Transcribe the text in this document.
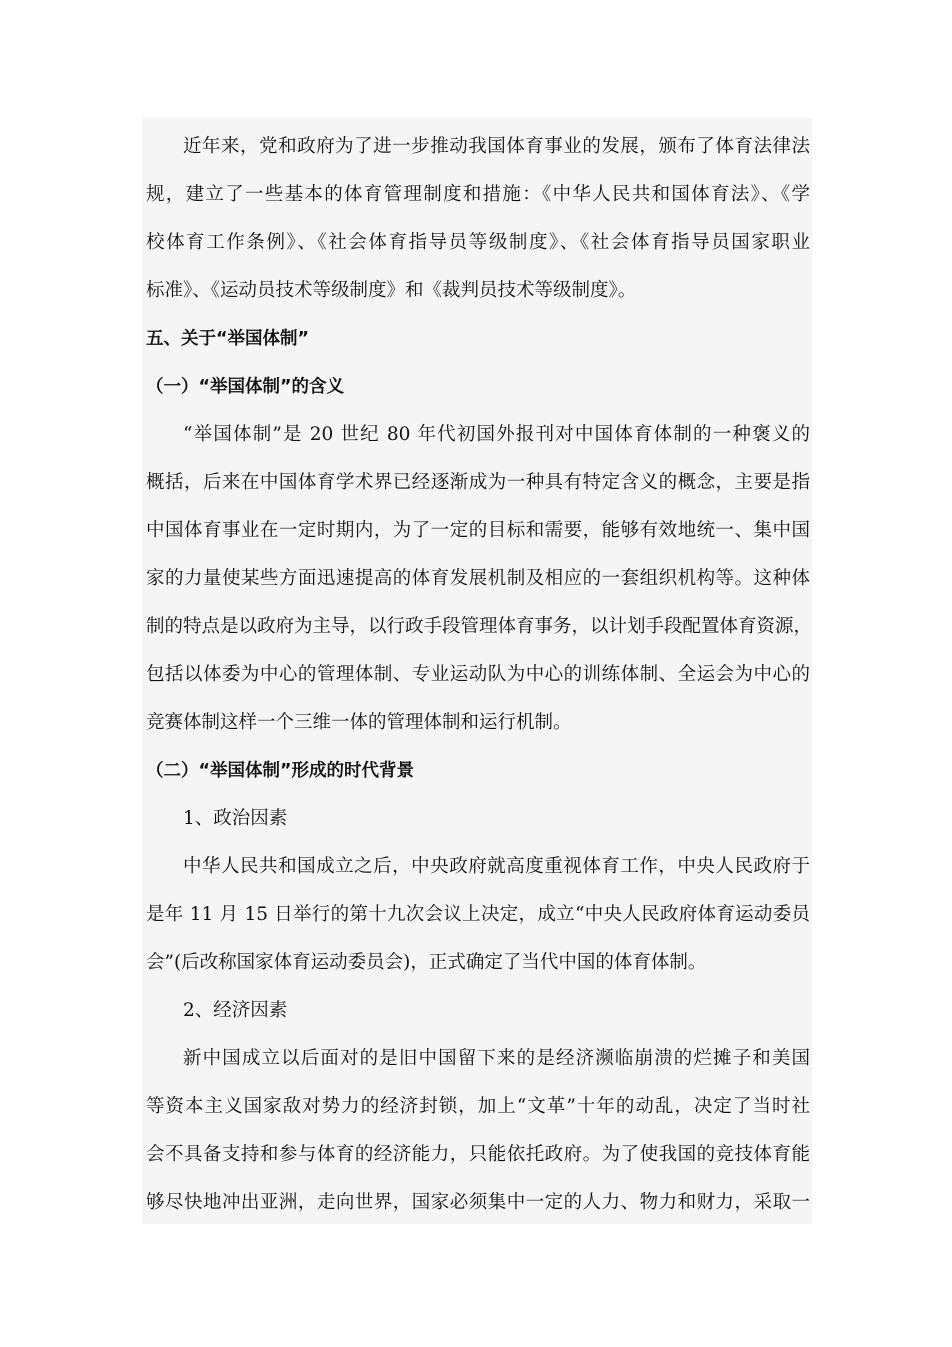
近年来，党和政府为了进一步推动我国体育事业的发展，颁布了体育法律法
规，建立了一些基本的体育管理制度和措施：《中华人民共和国体育法》、《学
校体育工作条例》、《社会体育指导员等级制度》、《社会体育指导员国家职业
标准》、《运动员技术等级制度》和《裁判员技术等级制度》。
五、关于“举国体制”
（一）“举国体制”的含义
“举国体制”是 20 世纪 80 年代初国外报刊对中国体育体制的一种褒义的
概括，后来在中国体育学术界已经逐渐成为一种具有特定含义的概念，主要是指
中国体育事业在一定时期内，为了一定的目标和需要，能够有效地统一、集中国
家的力量使某些方面迅速提高的体育发展机制及相应的一套组织机构等。这种体
制的特点是以政府为主导，以行政手段管理体育事务，以计划手段配置体育资源，
包括以体委为中心的管理体制、专业运动队为中心的训练体制、全运会为中心的
竞赛体制这样一个三维一体的管理体制和运行机制。
（二）“举国体制”形成的时代背景
1、政治因素
中华人民共和国成立之后，中央政府就高度重视体育工作，中央人民政府于
是年 11 月 15 日举行的第十九次会议上决定，成立“中央人民政府体育运动委员
会”(后改称国家体育运动委员会)，正式确定了当代中国的体育体制。
2、经济因素
新中国成立以后面对的是旧中国留下来的是经济濒临崩溃的烂摊子和美国
等资本主义国家敌对势力的经济封锁，加上“文革”十年的动乱，决定了当时社
会不具备支持和参与体育的经济能力，只能依托政府。为了使我国的竞技体育能
够尽快地冲出亚洲，走向世界，国家必须集中一定的人力、物力和财力，采取一
